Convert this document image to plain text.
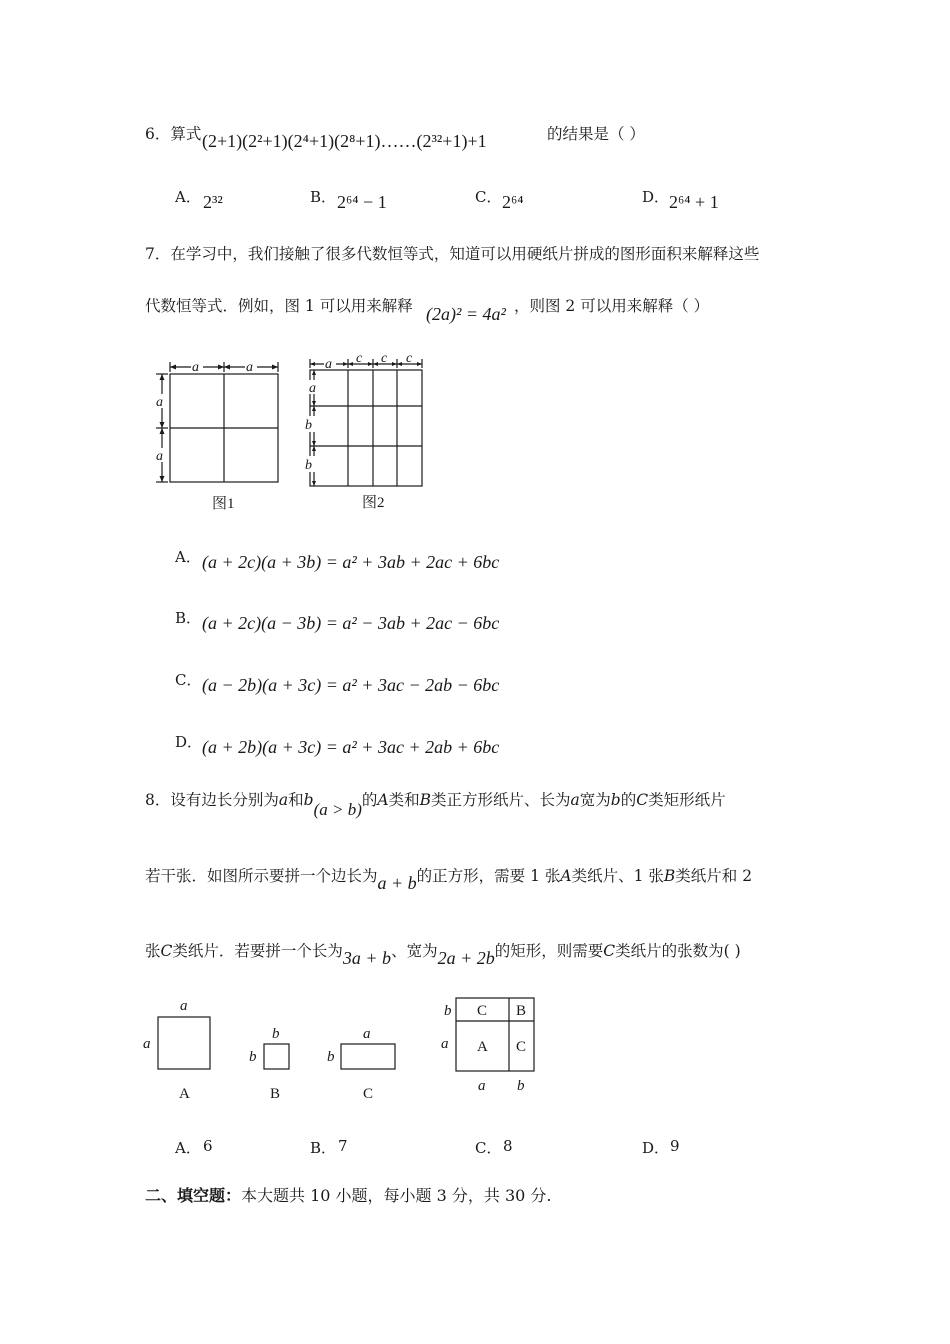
6．算式 (2+1)(2²+1)(2⁴+1)(2⁸+1)……(2³²+1)+1	的结果是（ ）
A． 2³²	B． 2⁶⁴ − 1	C． 2⁶⁴	D． 2⁶⁴ + 1
7．在学习中，我们接触了很多代数恒等式，知道可以用硬纸片拼成的图形面积来解释这些
代数恒等式．例如，图 1 可以用来解释 (2a)² = 4a² ，则图 2 可以用来解释（ ）
a	a
a
a
图1
a c c c
a
b
b
图2
A． (a + 2c)(a + 3b) = a² + 3ab + 2ac + 6bc
B． (a + 2c)(a − 3b) = a² − 3ab + 2ac − 6bc
C． (a − 2b)(a + 3c) = a² + 3ac − 2ab − 6bc
D． (a + 2b)(a + 3c) = a² + 3ac + 2ab + 6bc
8．设有边长分别为a和b(a > b)的A类和B类正方形纸片、长为a宽为b的C类矩形纸片
若干张．如图所示要拼一个边长为a + b的正方形，需要 1 张A类纸片、1 张B类纸片和 2
张C类纸片．若要拼一个长为3a + b、宽为2a + 2b的矩形，则需要C类纸片的张数为( )
a
a
b
b
a
b
b
a
a b
A	B	C
C B
A C
A． 6	B． 7	C． 8	D． 9
二、填空题：本大题共 10 小题，每小题 3 分，共 30 分.
